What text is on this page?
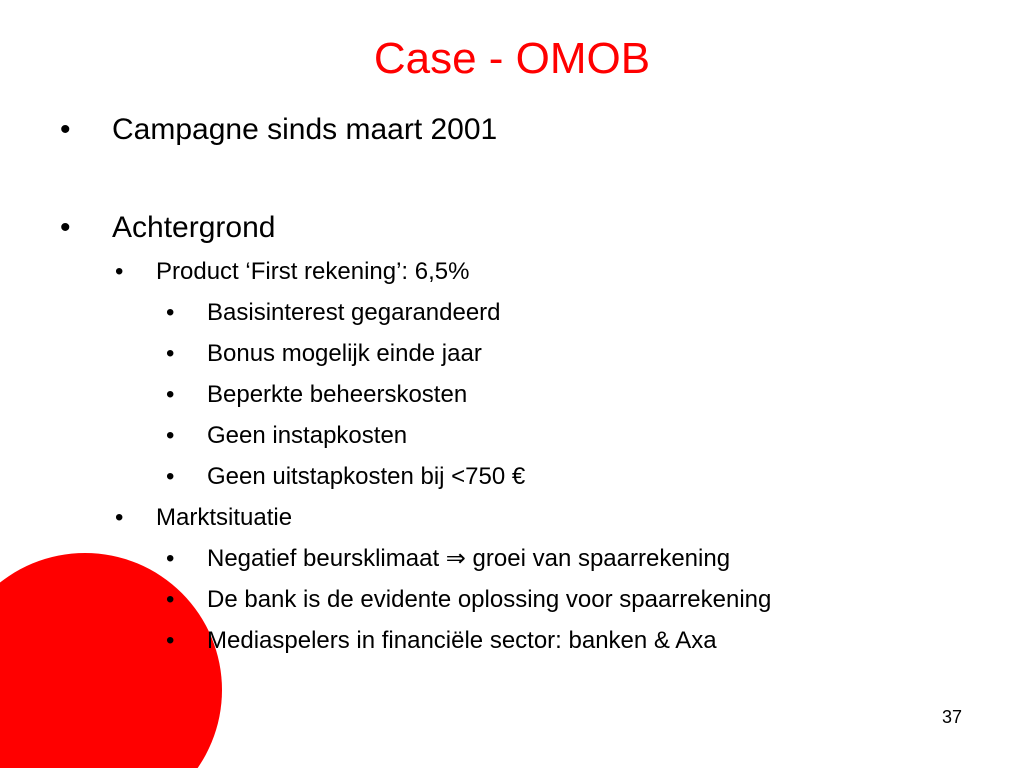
Case - OMOB
• Campagne sinds maart 2001
• Achtergrond
• Product ‘First rekening’: 6,5%
• Basisinterest gegarandeerd
• Bonus mogelijk einde jaar
• Beperkte beheerskosten
• Geen instapkosten
• Geen uitstapkosten bij <750 €
• Marktsituatie
• Negatief beursklimaat ⇒ groei van spaarrekening
• De bank is de evidente oplossing voor spaarrekening
• Mediaspelers in financiële sector: banken & Axa
37
